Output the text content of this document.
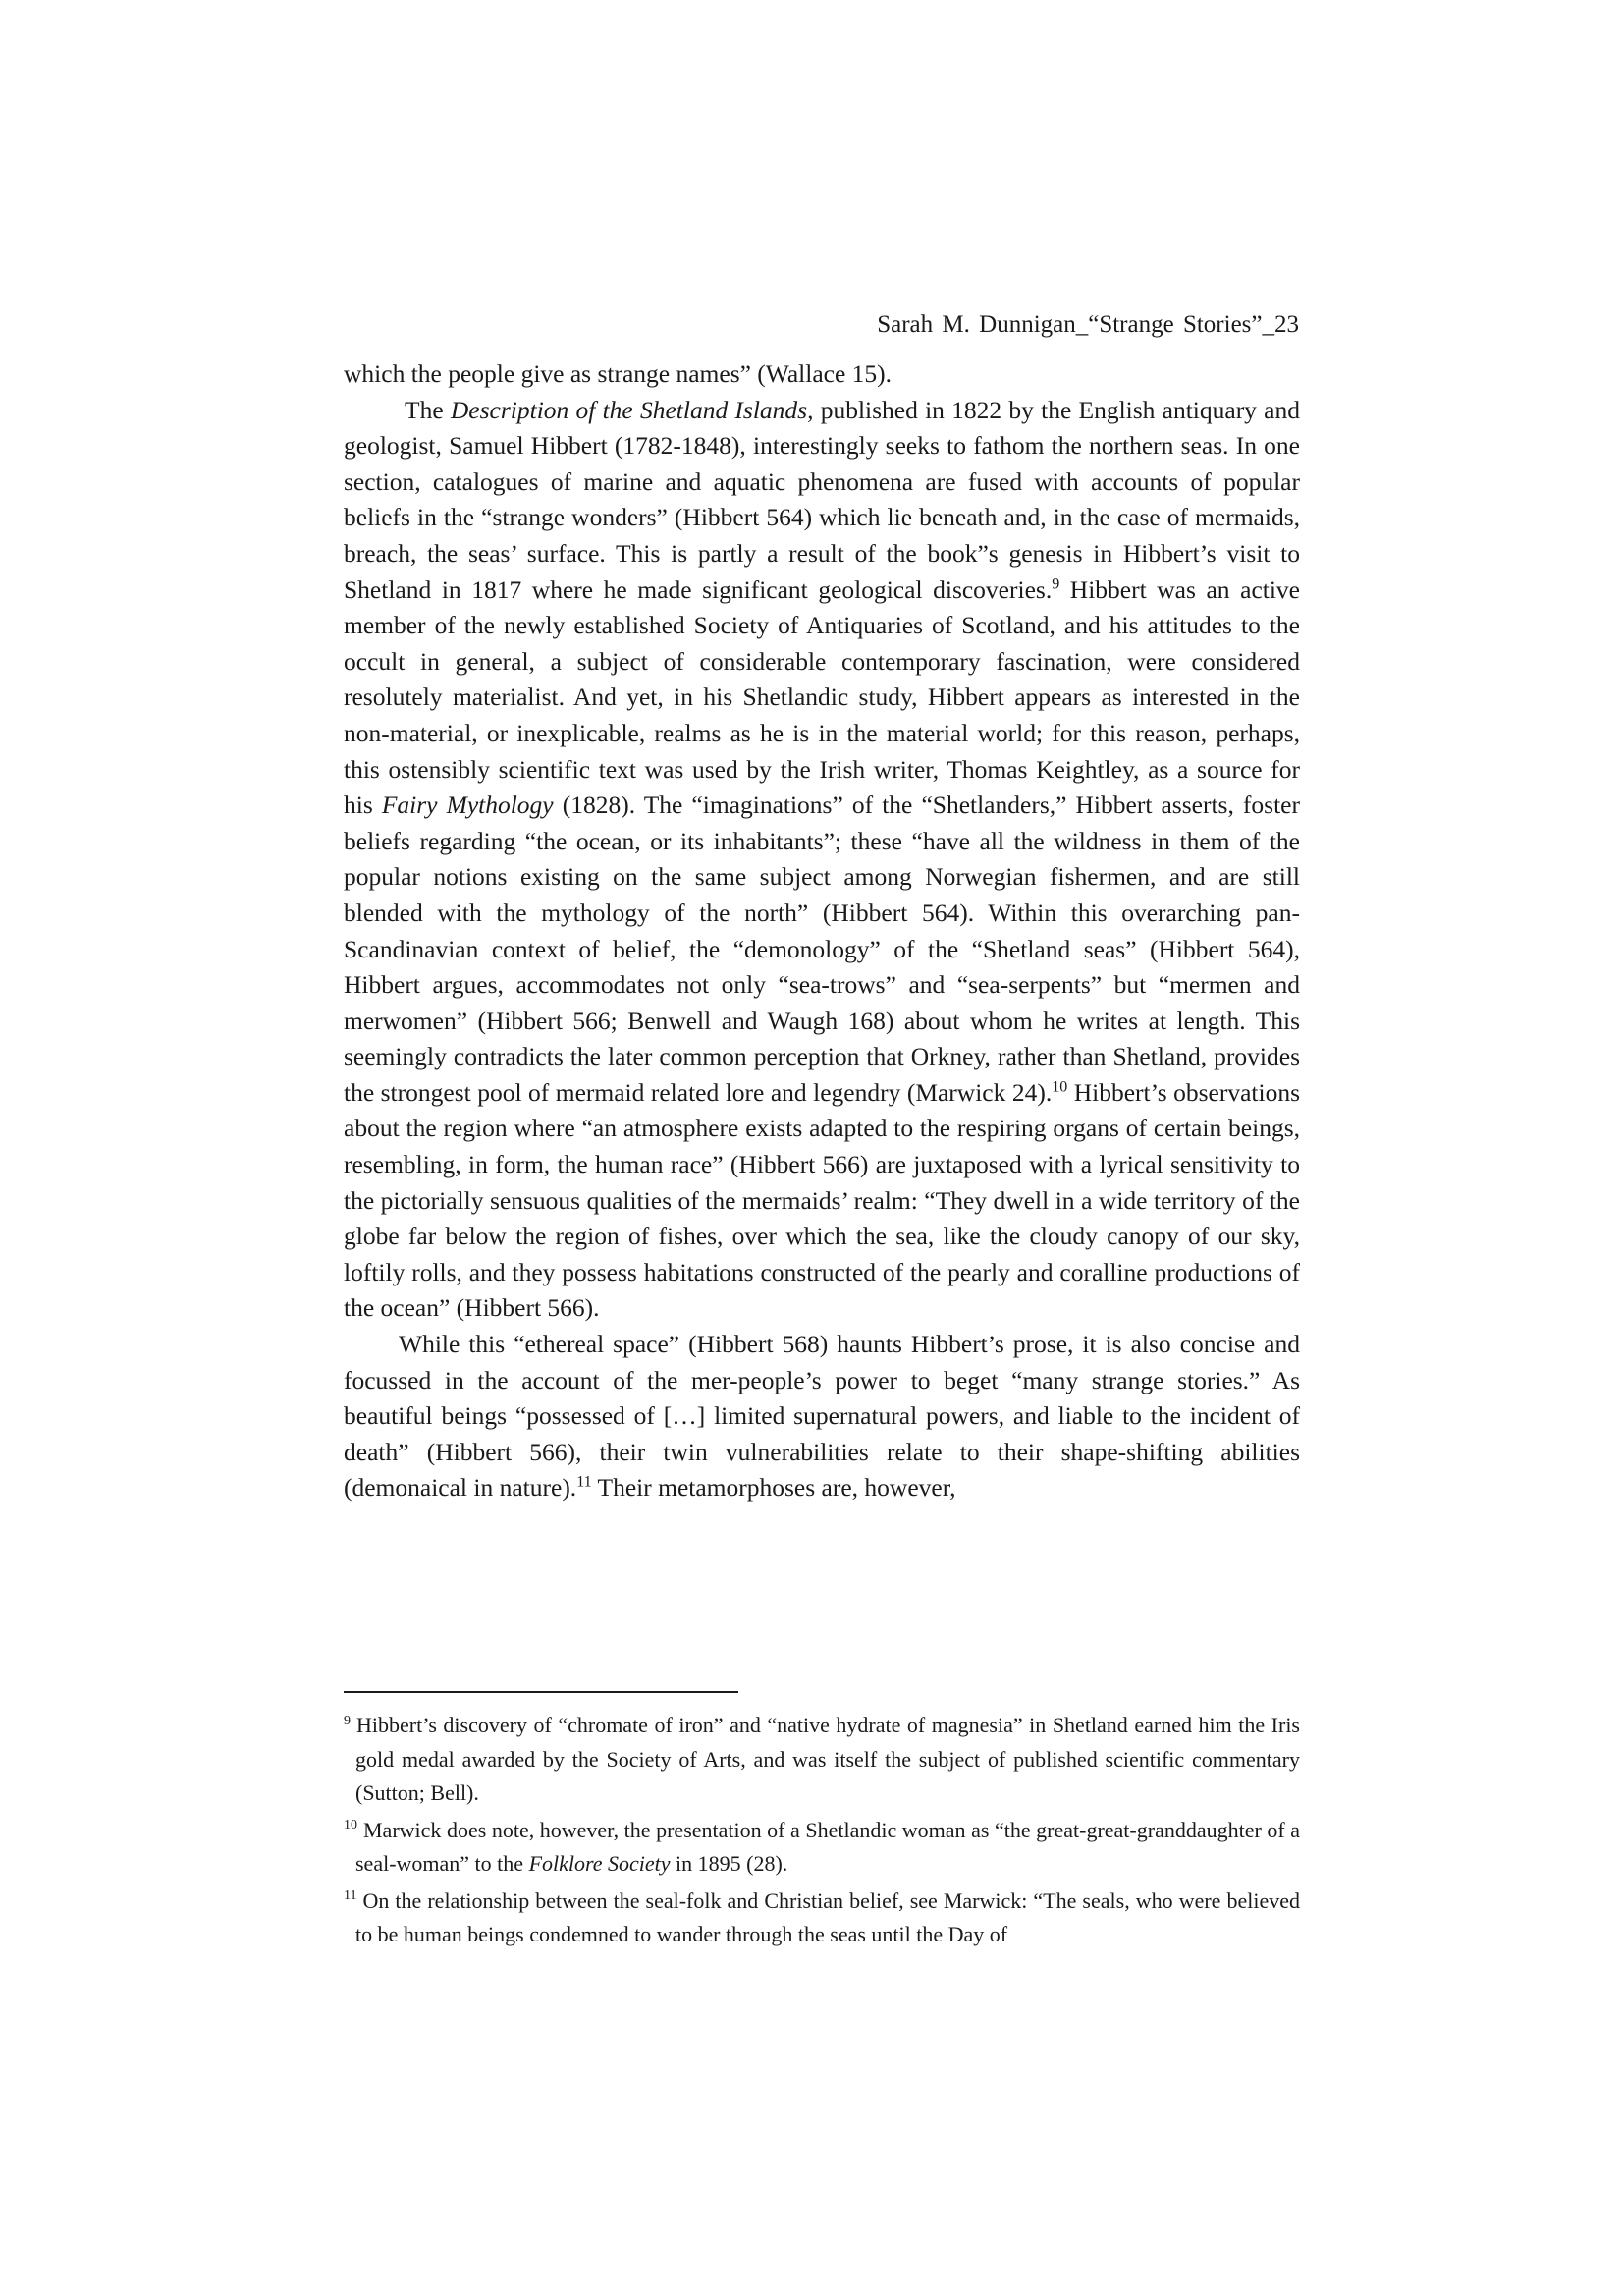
Sarah M. Dunnigan_“Strange Stories”_23

which the people give as strange names” (Wallace 15).

The Description of the Shetland Islands, published in 1822 by the English antiquary and geologist, Samuel Hibbert (1782-1848), interestingly seeks to fathom the northern seas. In one section, catalogues of marine and aquatic phenomena are fused with accounts of popular beliefs in the “strange wonders” (Hibbert 564) which lie beneath and, in the case of mermaids, breach, the seas’ surface. This is partly a result of the book”s genesis in Hibbert’s visit to Shetland in 1817 where he made significant geological discoveries.$^9$ Hibbert was an active member of the newly established Society of Antiquaries of Scotland, and his attitudes to the occult in general, a subject of considerable contemporary fascination, were considered resolutely materialist. And yet, in his Shetlandic study, Hibbert appears as interested in the non-material, or inexplicable, realms as he is in the material world; for this reason, perhaps, this ostensibly scientific text was used by the Irish writer, Thomas Keightley, as a source for his Fairy Mythology (1828). The “imaginations” of the “Shetlanders,” Hibbert asserts, foster beliefs regarding “the ocean, or its inhabitants”; these “have all the wildness in them of the popular notions existing on the same subject among Norwegian fishermen, and are still blended with the mythology of the north” (Hibbert 564). Within this overarching pan-Scandinavian context of belief, the “demonology” of the “Shetland seas” (Hibbert 564), Hibbert argues, accommodates not only “sea-trows” and “sea-serpents” but “mermen and merwomen” (Hibbert 566; Benwell and Waugh 168) about whom he writes at length. This seemingly contradicts the later common perception that Orkney, rather than Shetland, provides the strongest pool of mermaid related lore and legendry (Marwick 24).$^{10}$ Hibbert’s observations about the region where “an atmosphere exists adapted to the respiring organs of certain beings, resembling, in form, the human race” (Hibbert 566) are juxtaposed with a lyrical sensitivity to the pictorially sensuous qualities of the mermaids’ realm: “They dwell in a wide territory of the globe far below the region of fishes, over which the sea, like the cloudy canopy of our sky, loftily rolls, and they possess habitations constructed of the pearly and coralline productions of the ocean” (Hibbert 566).

While this “ethereal space” (Hibbert 568) haunts Hibbert’s prose, it is also concise and focussed in the account of the mer-people’s power to beget “many strange stories.” As beautiful beings “possessed of […] limited supernatural powers, and liable to the incident of death” (Hibbert 566), their twin vulnerabilities relate to their shape-shifting abilities (demonaical in nature).$^{11}$ Their metamorphoses are, however,

$^9$ Hibbert’s discovery of “chromate of iron” and “native hydrate of magnesia” in Shetland earned him the Iris gold medal awarded by the Society of Arts, and was itself the subject of published scientific commentary (Sutton; Bell).

$^{10}$ Marwick does note, however, the presentation of a Shetlandic woman as “the great-great-granddaughter of a seal-woman” to the Folklore Society in 1895 (28).

$^{11}$ On the relationship between the seal-folk and Christian belief, see Marwick: “The seals, who were believed to be human beings condemned to wander through the seas until the Day of
